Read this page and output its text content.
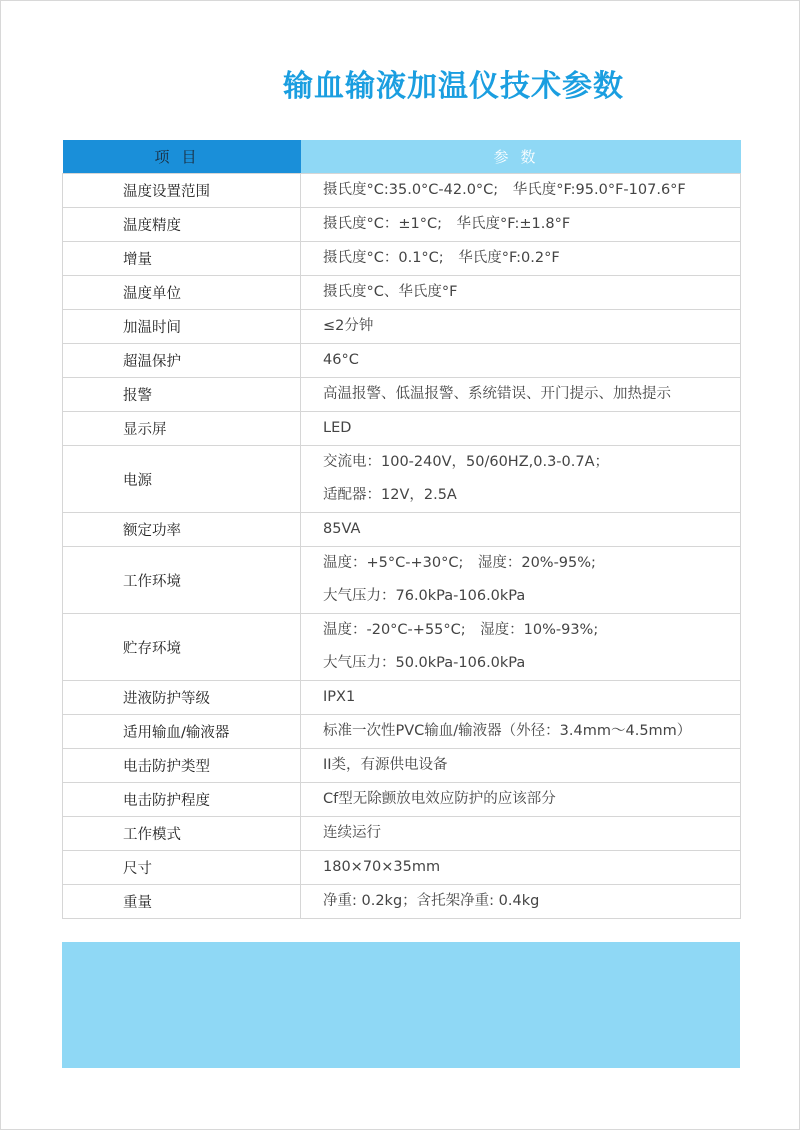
输血输液加温仪技术参数
项目	参数
温度设置范围	摄氏度°C:35.0°C-42.0°C;　华氏度°F:95.0°F-107.6°F

温度精度	摄氏度°C：±1°C;　华氏度°F:±1.8°F

增量	摄氏度°C：0.1°C;　华氏度°F:0.2°F

温度单位	摄氏度°C、华氏度°F

加温时间	≤2分钟

超温保护	46°C

报警	高温报警、低温报警、系统错误、开门提示、加热提示

显示屏	LED

电源	交流电：100-240V，50/60HZ,0.3-0.7A；
适配器：12V，2.5A

额定功率	85VA

工作环境	温度：+5°C-+30°C;　湿度：20%-95%;
大气压力：76.0kPa-106.0kPa

贮存环境	温度：-20°C-+55°C;　湿度：10%-93%;
大气压力：50.0kPa-106.0kPa

进液防护等级	IPX1

适用输血/输液器	标准一次性PVC输血/输液器（外径：3.4mm～4.5mm）

电击防护类型	II类，有源供电设备

电击防护程度	Cf型无除颤放电效应防护的应该部分

工作模式	连续运行

尺寸	180×70×35mm

重量	净重: 0.2kg；含托架净重: 0.4kg
